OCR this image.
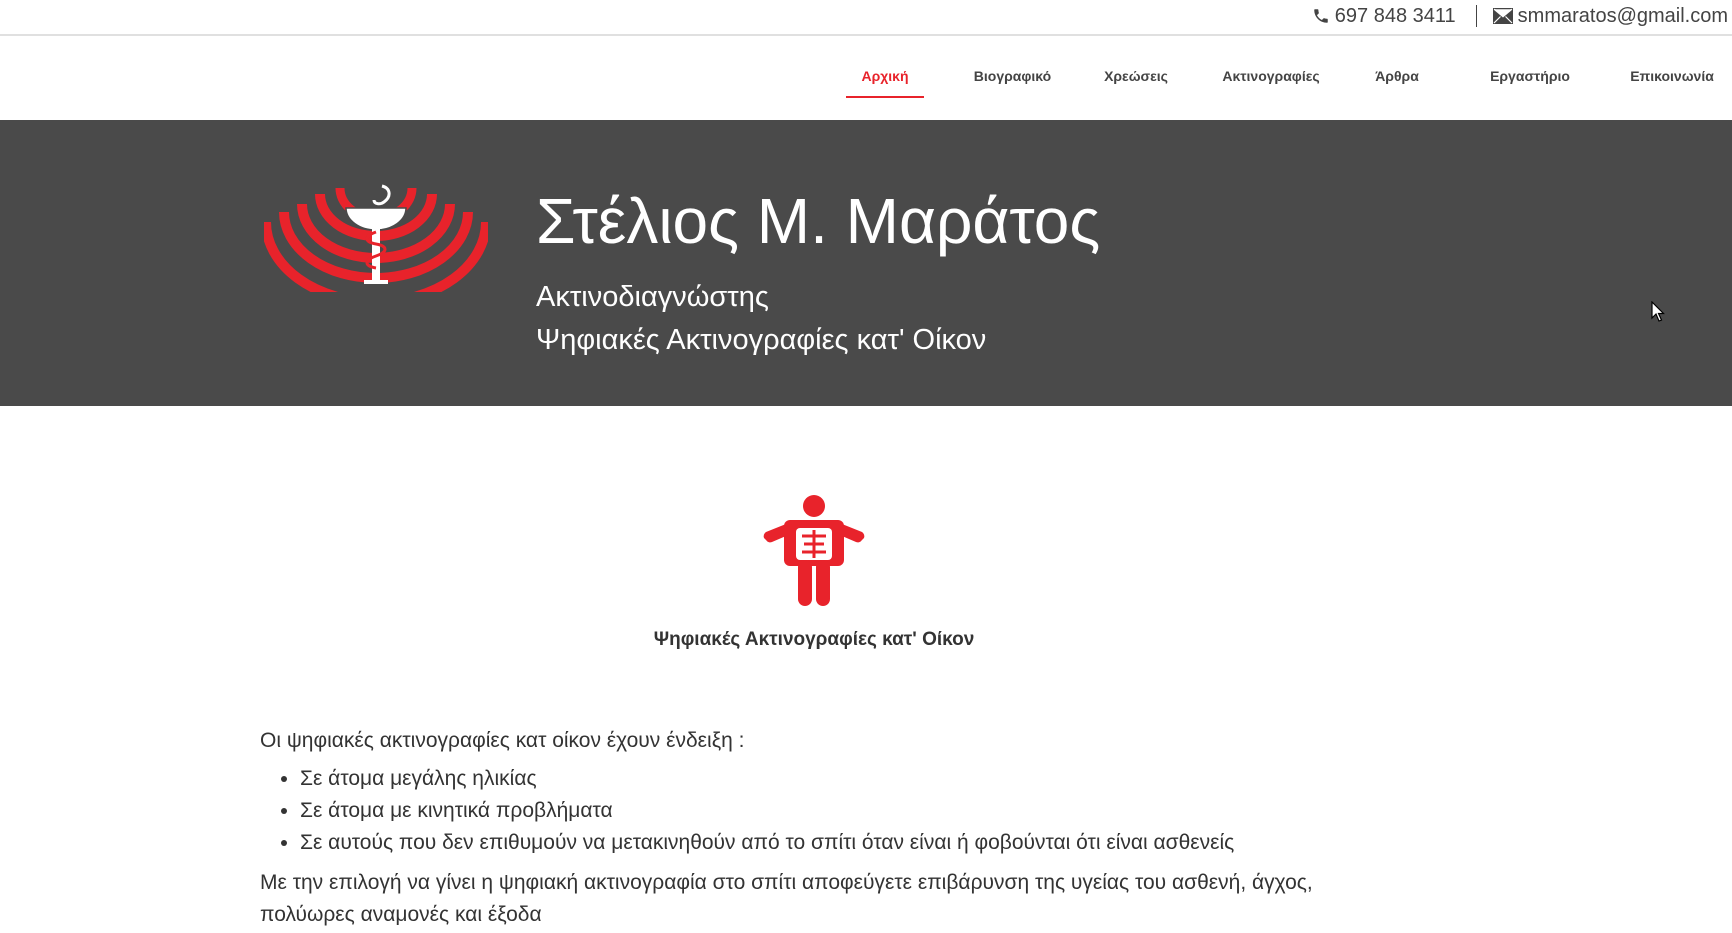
697 848 3411	smmaratos@gmail.com
Αρχική	Βιογραφικό	Χρεώσεις	Ακτινογραφίες	Άρθρα	Εργαστήριο	Επικοινωνία
Στέλιος Μ. Μαράτος
Ακτινοδιαγνώστης
Ψηφιακές Ακτινογραφίες κατ' Οίκον
Ψηφιακές Ακτινογραφίες κατ' Οίκον

Οι ψηφιακές ακτινογραφίες κατ οίκον έχουν ένδειξη :

• Σε άτομα μεγάλης ηλικίας
• Σε άτομα με κινητικά προβλήματα
• Σε αυτούς που δεν επιθυμούν να μετακινηθούν από το σπίτι όταν είναι ή φοβούνται ότι είναι ασθενείς

Με την επιλογή να γίνει η ψηφιακή ακτινογραφία στο σπίτι αποφεύγετε επιβάρυνση της υγείας του ασθενή, άγχος, πολύωρες αναμονές και έξοδα
